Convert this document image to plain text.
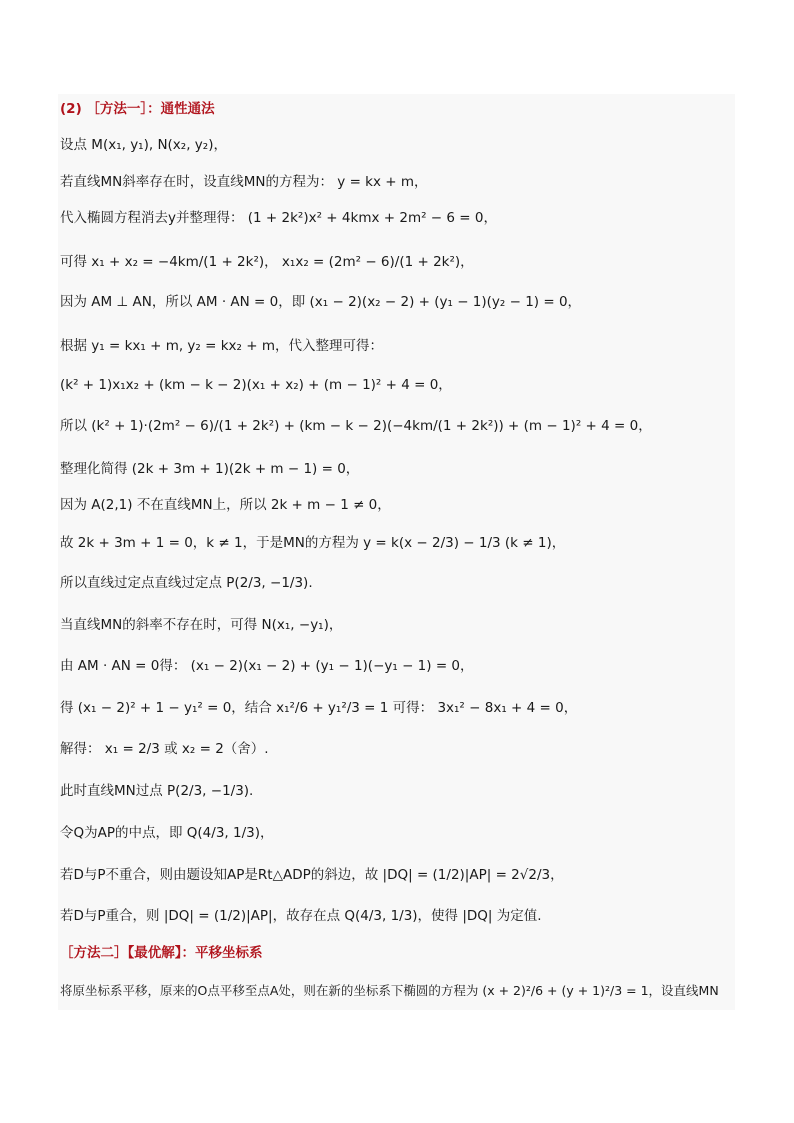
(2) ［方法一］：通性通法
设点 M(x₁, y₁), N(x₂, y₂)，
若直线MN斜率存在时，设直线MN的方程为： y = kx + m，
代入椭圆方程消去y并整理得： (1 + 2k²)x² + 4kmx + 2m² − 6 = 0，
可得 x₁ + x₂ = −4km/(1 + 2k²)， x₁x₂ = (2m² − 6)/(1 + 2k²)，
因为 AM ⊥ AN，所以 AM · AN = 0，即 (x₁ − 2)(x₂ − 2) + (y₁ − 1)(y₂ − 1) = 0，
根据 y₁ = kx₁ + m, y₂ = kx₂ + m，代入整理可得：
(k² + 1)x₁x₂ + (km − k − 2)(x₁ + x₂) + (m − 1)² + 4 = 0，
所以 (k² + 1)·(2m² − 6)/(1 + 2k²) + (km − k − 2)(−4km/(1 + 2k²)) + (m − 1)² + 4 = 0，
整理化简得 (2k + 3m + 1)(2k + m − 1) = 0，
因为 A(2,1) 不在直线MN上，所以 2k + m − 1 ≠ 0，
故 2k + 3m + 1 = 0，k ≠ 1，于是MN的方程为 y = k(x − 2/3) − 1/3 (k ≠ 1)，
所以直线过定点直线过定点 P(2/3, −1/3).
当直线MN的斜率不存在时，可得 N(x₁, −y₁)，
由 AM · AN = 0得： (x₁ − 2)(x₁ − 2) + (y₁ − 1)(−y₁ − 1) = 0，
得 (x₁ − 2)² + 1 − y₁² = 0，结合 x₁²/6 + y₁²/3 = 1 可得： 3x₁² − 8x₁ + 4 = 0，
解得： x₁ = 2/3 或 x₂ = 2（舍）.
此时直线MN过点 P(2/3, −1/3).
令Q为AP的中点，即 Q(4/3, 1/3)，
若D与P不重合，则由题设知AP是Rt△ADP的斜边，故 |DQ| = (1/2)|AP| = 2√2/3，
若D与P重合，则 |DQ| = (1/2)|AP|，故存在点 Q(4/3, 1/3)，使得 |DQ| 为定值.
［方法二］【最优解】：平移坐标系
将原坐标系平移，原来的O点平移至点A处，则在新的坐标系下椭圆的方程为 (x + 2)²/6 + (y + 1)²/3 = 1，设直线MN
